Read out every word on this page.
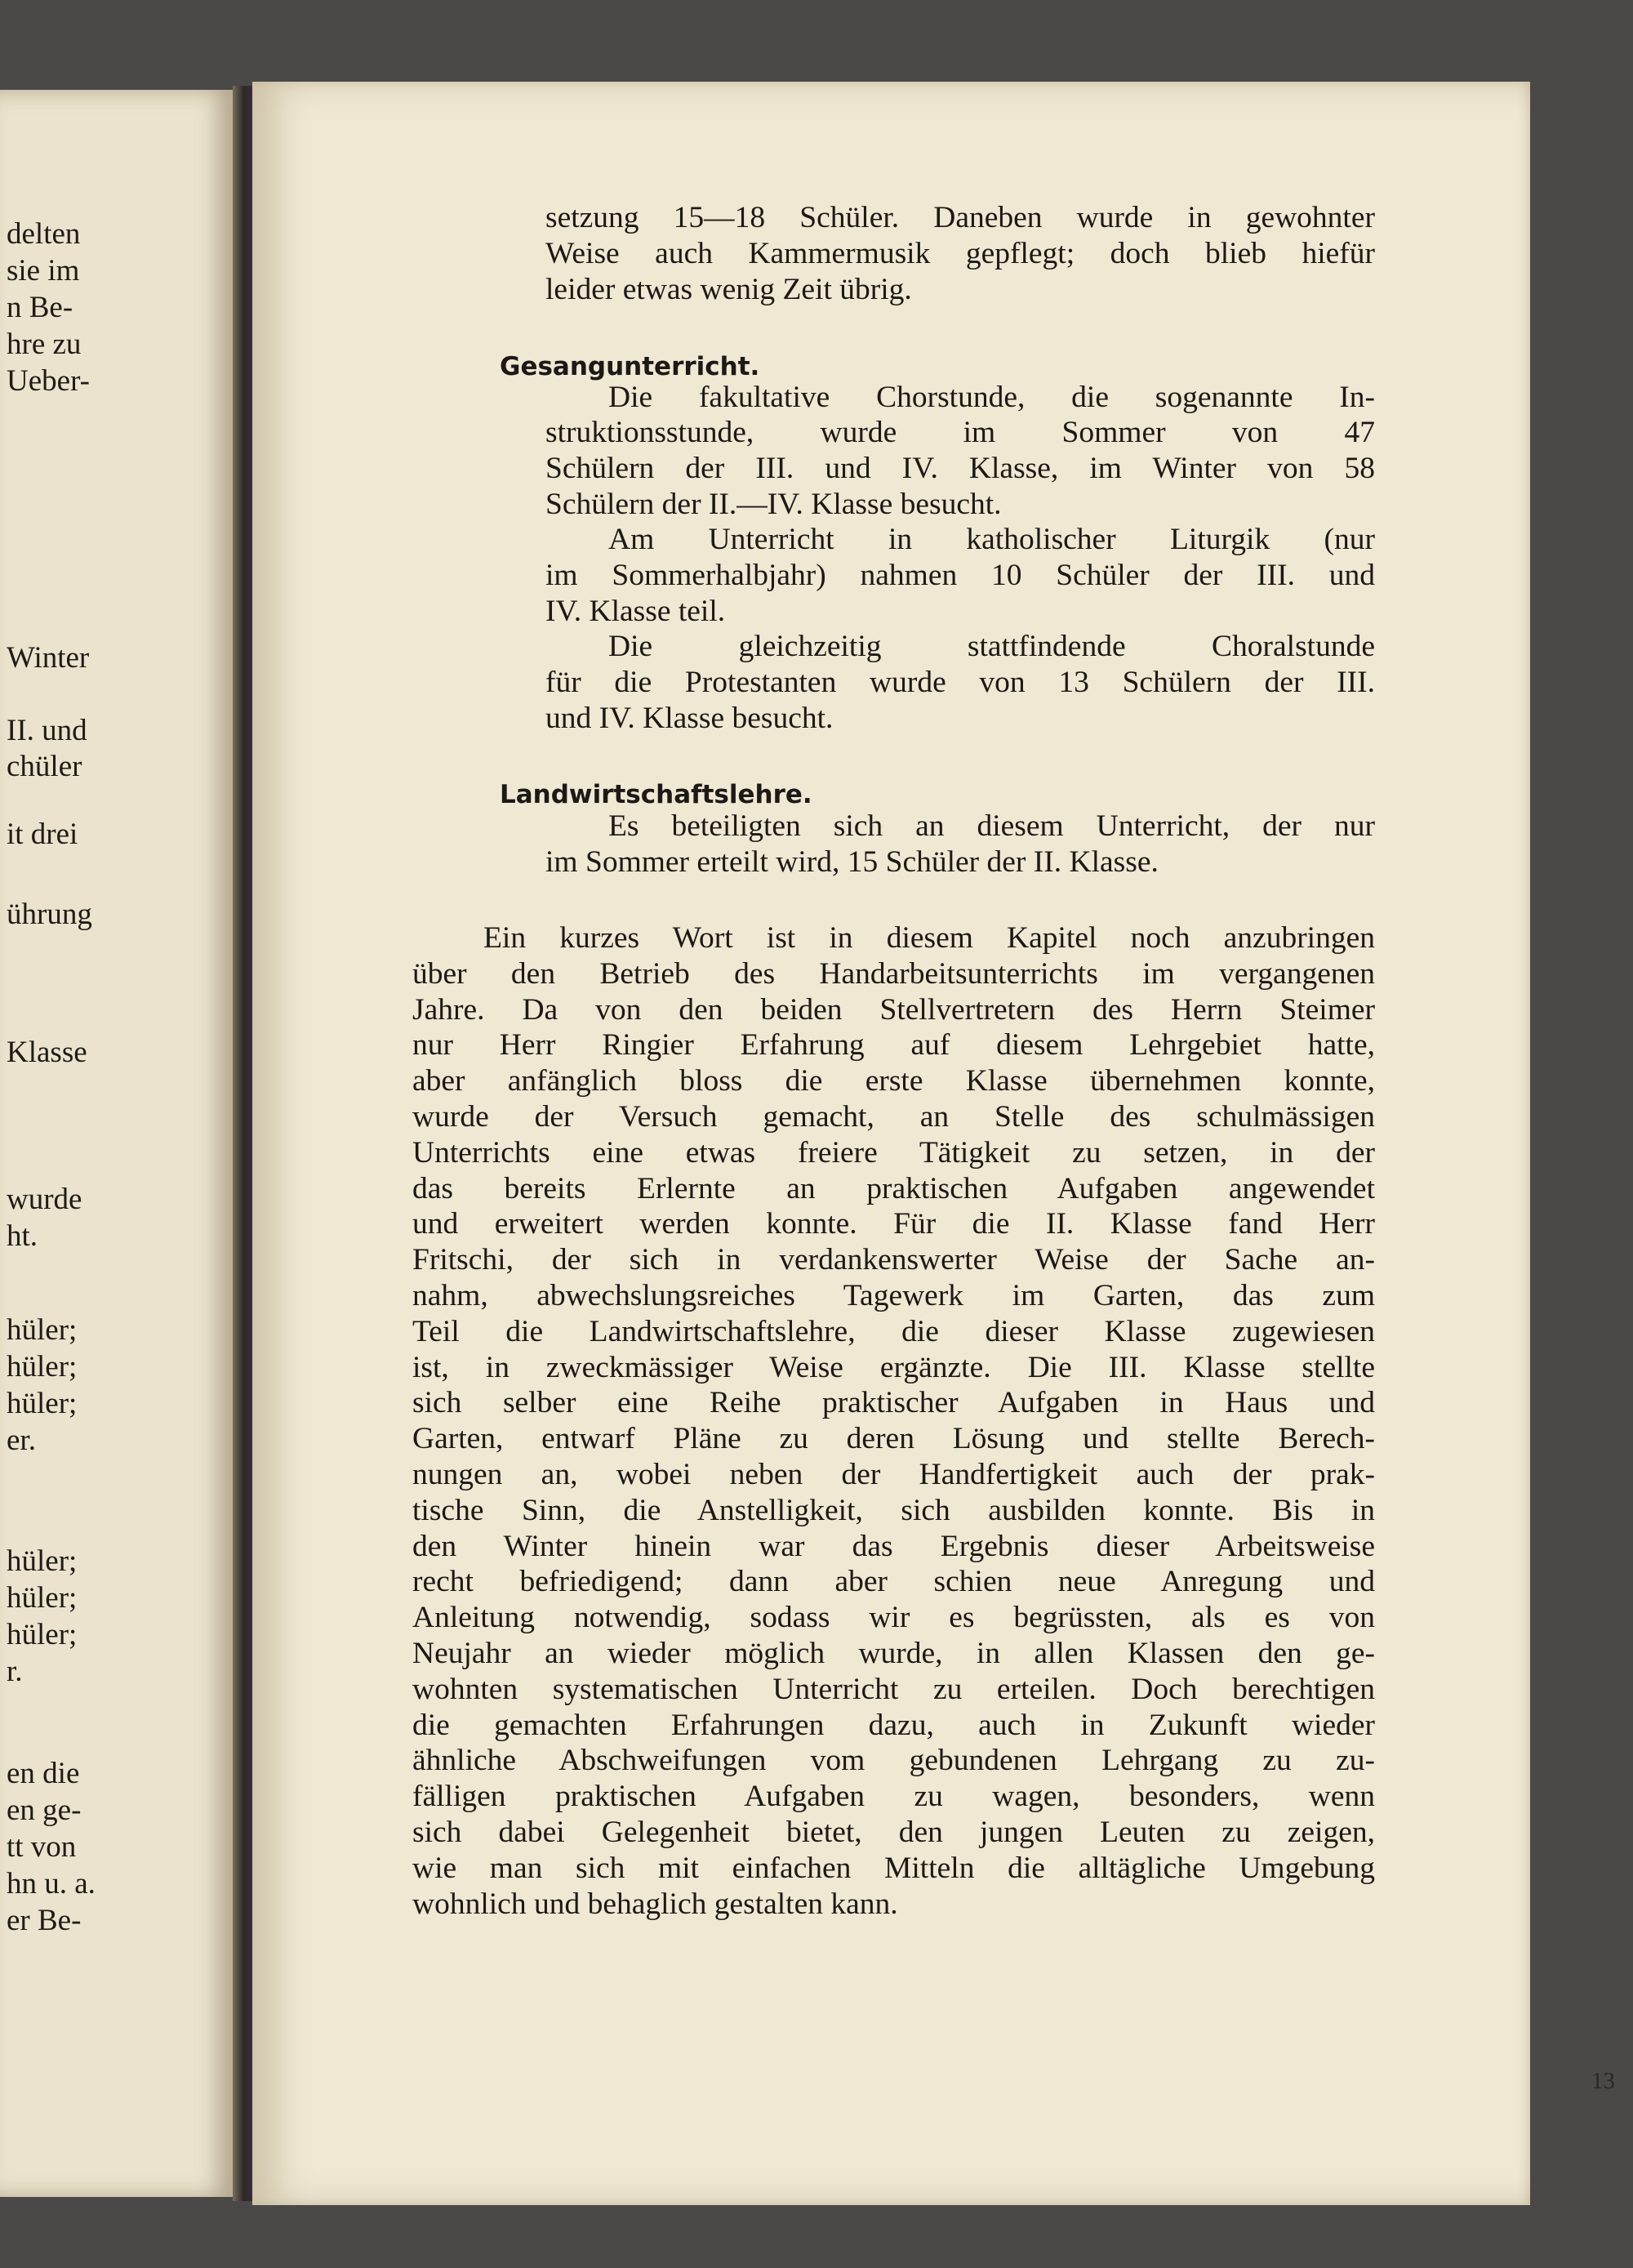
delten
sie im
n Be-
hre zu
Ueber-
Winter
II. und
chüler
it drei
ührung
Klasse
wurde
ht.
hüler;
hüler;
hüler;
er.
hüler;
hüler;
hüler;
r.
en die
en ge-
tt von
hn u. a.
er Be-
setzung 15—18 Schüler. Daneben wurde in gewohnter
Weise auch Kammermusik gepflegt; doch blieb hiefür
leider etwas wenig Zeit übrig.
Gesangunterricht.
Die fakultative Chorstunde, die sogenannte In-
struktionsstunde, wurde im Sommer von 47
Schülern der III. und IV. Klasse, im Winter von 58
Schülern der II.—IV. Klasse besucht.
Am Unterricht in katholischer Liturgik (nur
im Sommerhalbjahr) nahmen 10 Schüler der III. und
IV. Klasse teil.
Die gleichzeitig stattfindende Choralstunde
für die Protestanten wurde von 13 Schülern der III.
und IV. Klasse besucht.
Landwirtschaftslehre.
Es beteiligten sich an diesem Unterricht, der nur
im Sommer erteilt wird, 15 Schüler der II. Klasse.
Ein kurzes Wort ist in diesem Kapitel noch anzubringen
über den Betrieb des Handarbeitsunterrichts im vergangenen
Jahre. Da von den beiden Stellvertretern des Herrn Steimer
nur Herr Ringier Erfahrung auf diesem Lehrgebiet hatte,
aber anfänglich bloss die erste Klasse übernehmen konnte,
wurde der Versuch gemacht, an Stelle des schulmässigen
Unterrichts eine etwas freiere Tätigkeit zu setzen, in der
das bereits Erlernte an praktischen Aufgaben angewendet
und erweitert werden konnte. Für die II. Klasse fand Herr
Fritschi, der sich in verdankenswerter Weise der Sache an-
nahm, abwechslungsreiches Tagewerk im Garten, das zum
Teil die Landwirtschaftslehre, die dieser Klasse zugewiesen
ist, in zweckmässiger Weise ergänzte. Die III. Klasse stellte
sich selber eine Reihe praktischer Aufgaben in Haus und
Garten, entwarf Pläne zu deren Lösung und stellte Berech-
nungen an, wobei neben der Handfertigkeit auch der prak-
tische Sinn, die Anstelligkeit, sich ausbilden konnte. Bis in
den Winter hinein war das Ergebnis dieser Arbeitsweise
recht befriedigend; dann aber schien neue Anregung und
Anleitung notwendig, sodass wir es begrüssten, als es von
Neujahr an wieder möglich wurde, in allen Klassen den ge-
wohnten systematischen Unterricht zu erteilen. Doch berechtigen
die gemachten Erfahrungen dazu, auch in Zukunft wieder
ähnliche Abschweifungen vom gebundenen Lehrgang zu zu-
fälligen praktischen Aufgaben zu wagen, besonders, wenn
sich dabei Gelegenheit bietet, den jungen Leuten zu zeigen,
wie man sich mit einfachen Mitteln die alltägliche Umgebung
wohnlich und behaglich gestalten kann.
13
